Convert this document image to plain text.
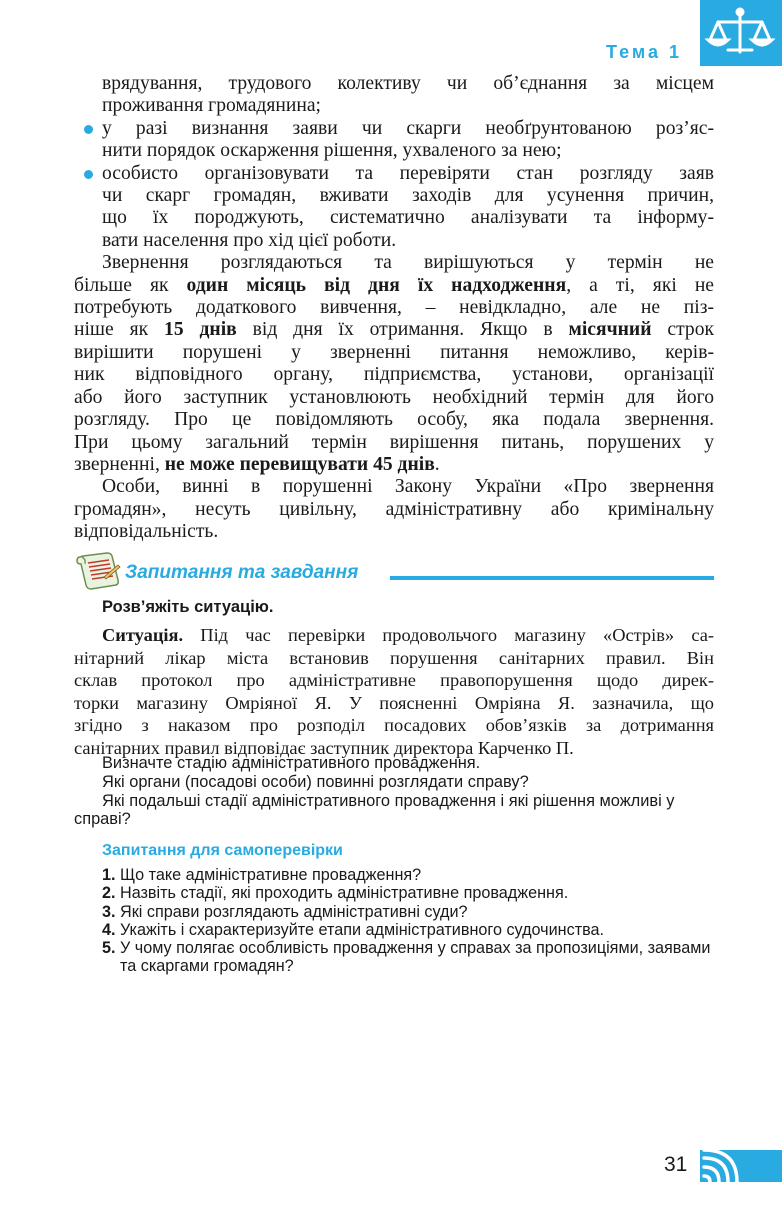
Тема 1
врядування, трудового колективу чи об’єднання за місцем
проживання громадянина;
у разі визнання заяви чи скарги необґрунтованою роз’яс-
нити порядок оскарження рішення, ухваленого за нею;
особисто організовувати та перевіряти стан розгляду заяв
чи скарг громадян, вживати заходів для усунення причин,
що їх породжують, систематично аналізувати та інформу-
вати населення про хід цієї роботи.
Звернення розглядаються та вирішуються у термін не
більше як один місяць від дня їх надходження, а ті, які не
потребують додаткового вивчення, – невідкладно, але не пiз-
ніше як 15 днів від дня їх отримання. Якщо в місячний строк
вирішити порушені у зверненні питання неможливо, керiв-
ник відповідного органу, підприємства, установи, організації
або його заступник установлюють необхідний термін для його
розгляду. Про це повідомляють особу, яка подала звернення.
При цьому загальний термін вирішення питань, порушених у
зверненні, не може перевищувати 45 днів.
Особи, винні в порушенні Закону України «Про звернення
громадян», несуть цивільну, адміністративну або кримінальну
відповідальність.
Запитання та завдання
Розв’яжіть ситуацію.
Ситуація. Під час перевірки продовольчого магазину «Острів» са-
нітарний лікар міста встановив порушення санітарних правил. Він
склав протокол про адміністративне правопорушення щодо дирек-
торки магазину Омріяної Я. У поясненні Омріяна Я. зазначила, що
згідно з наказом про розподіл посадових обов’язків за дотримання
санітарних правил відповідає заступник директора Карченко П.
Визначте стадію адміністративного провадження.
Які органи (посадові особи) повинні розглядати справу?
Які подальші стадії адміністративного провадження і які рішення можливі у справі?
Запитання для самоперевірки
1. Що таке адміністративне провадження?
2. Назвіть стадії, які проходить адміністративне провадження.
3. Які справи розглядають адміністративні суди?
4. Укажіть і схарактеризуйте етапи адміністративного судочинства.
5. У чому полягає особливість провадження у справах за пропозиціями, заявами та скаргами громадян?
31
